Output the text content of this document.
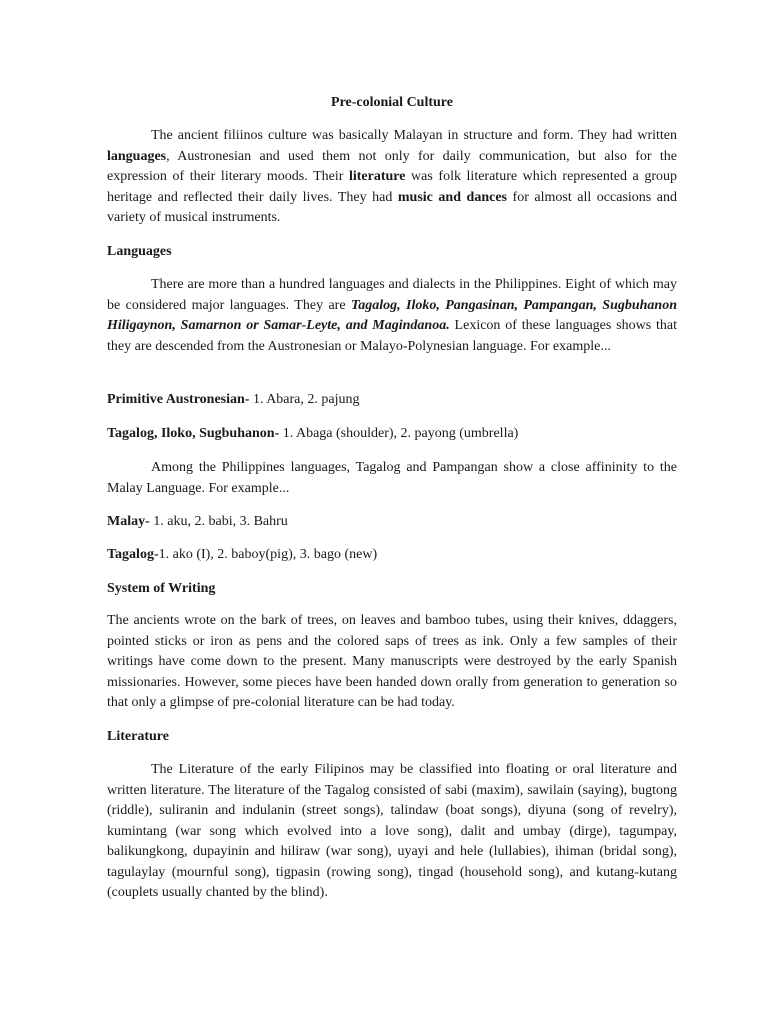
Pre-colonial Culture

The ancient filiinos culture was basically Malayan in structure and form. They had written languages, Austronesian and used them not only for daily communication, but also for the expression of their literary moods. Their literature was folk literature which represented a group heritage and reflected their daily lives. They had music and dances for almost all occasions and variety of musical instruments.

Languages

There are more than a hundred languages and dialects in the Philippines. Eight of which may be considered major languages. They are Tagalog, Iloko, Pangasinan, Pampangan, Sugbuhanon Hiligaynon, Samarnon or Samar-Leyte, and Magindanoa. Lexicon of these languages shows that they are descended from the Austronesian or Malayo-Polynesian language. For example...

Primitive Austronesian- 1. Abara, 2. pajung
Tagalog, Iloko, Sugbuhanon- 1. Abaga (shoulder), 2. payong (umbrella)

Among the Philippines languages, Tagalog and Pampangan show a close affininity to the Malay Language. For example...

Malay- 1. aku, 2. babi, 3. Bahru
Tagalog-1. ako (I), 2. baboy(pig), 3. bago (new)
System of Writing

The ancients wrote on the bark of trees, on leaves and bamboo tubes, using their knives, ddaggers, pointed sticks or iron as pens and the colored saps of trees as ink. Only a few samples of their writings have come down to the present. Many manuscripts were destroyed by the early Spanish missionaries. However, some pieces have been handed down orally from generation to generation so that only a glimpse of pre-colonial literature can be had today.

Literature

The Literature of the early Filipinos may be classified into floating or oral literature and written literature. The literature of the Tagalog consisted of sabi (maxim), sawilain (saying), bugtong (riddle), suliranin and indulanin (street songs), talindaw (boat songs), diyuna (song of revelry), kumintang (war song which evolved into a love song), dalit and umbay (dirge), tagumpay, balikungkong, dupayinin and hiliraw (war song), uyayi and hele (lullabies), ihiman (bridal song), tagulaylay (mournful song), tigpasin (rowing song), tingad (household song), and kutang-kutang (couplets usually chanted by the blind).
